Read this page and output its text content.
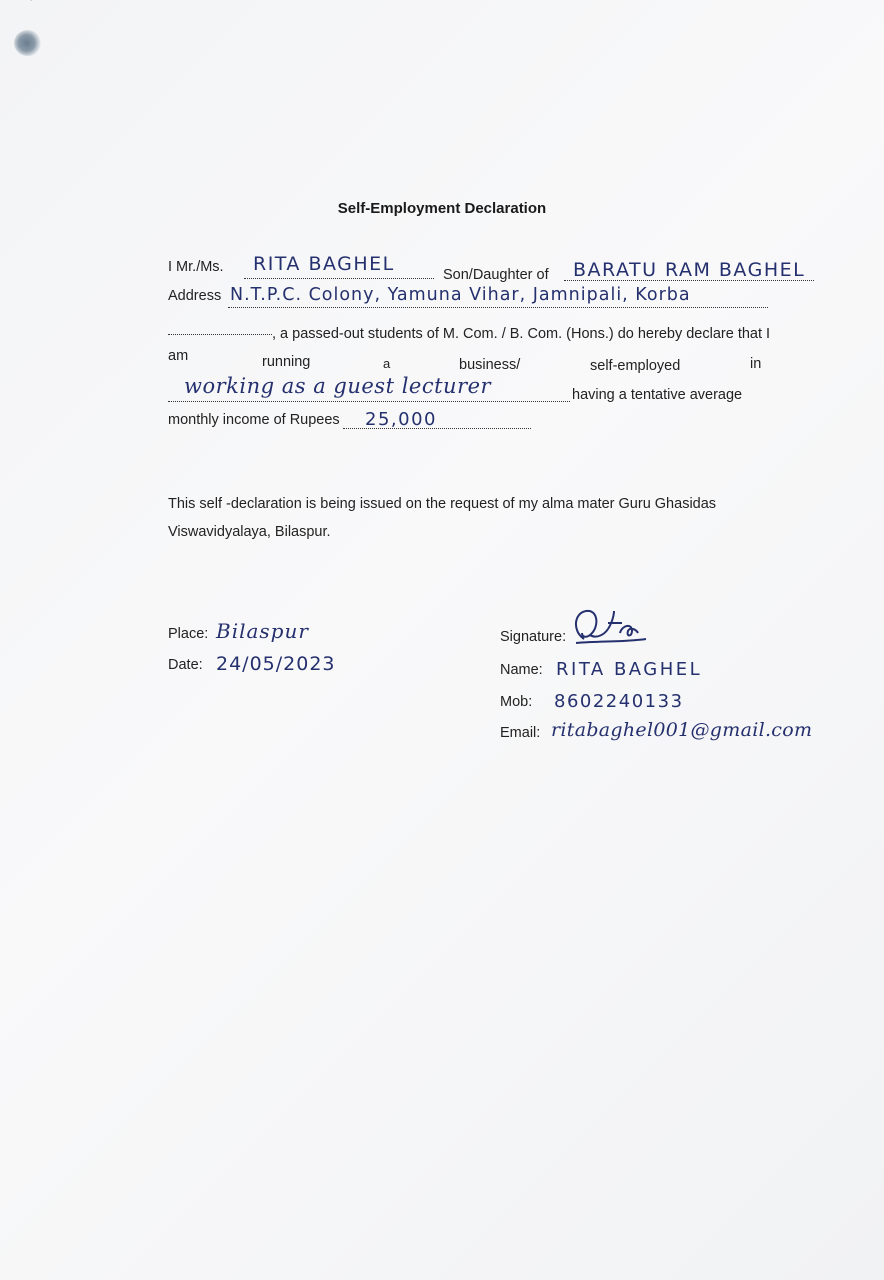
Self-Employment Declaration
I Mr./Ms. RITA BAGHEL	Son/Daughter of BARATU RAM BAGHEL
Address N.T.P.C. Colony, Yamuna Vihar, Jamnipali, Korba
, a passed-out students of M. Com. / B. Com. (Hons.) do hereby declare that I
am	running	a	business/	self-employed	in
working as a guest lecturer	having a tentative average
monthly income of Rupees 25,000
This self -declaration is being issued on the request of my alma mater Guru Ghasidas Viswavidyalaya, Bilaspur.
Place: Bilaspur
Date: 24/05/2023
Signature:
Name: RITA BAGHEL
Mob: 8602240133
Email: ritabaghel001@gmail.com
